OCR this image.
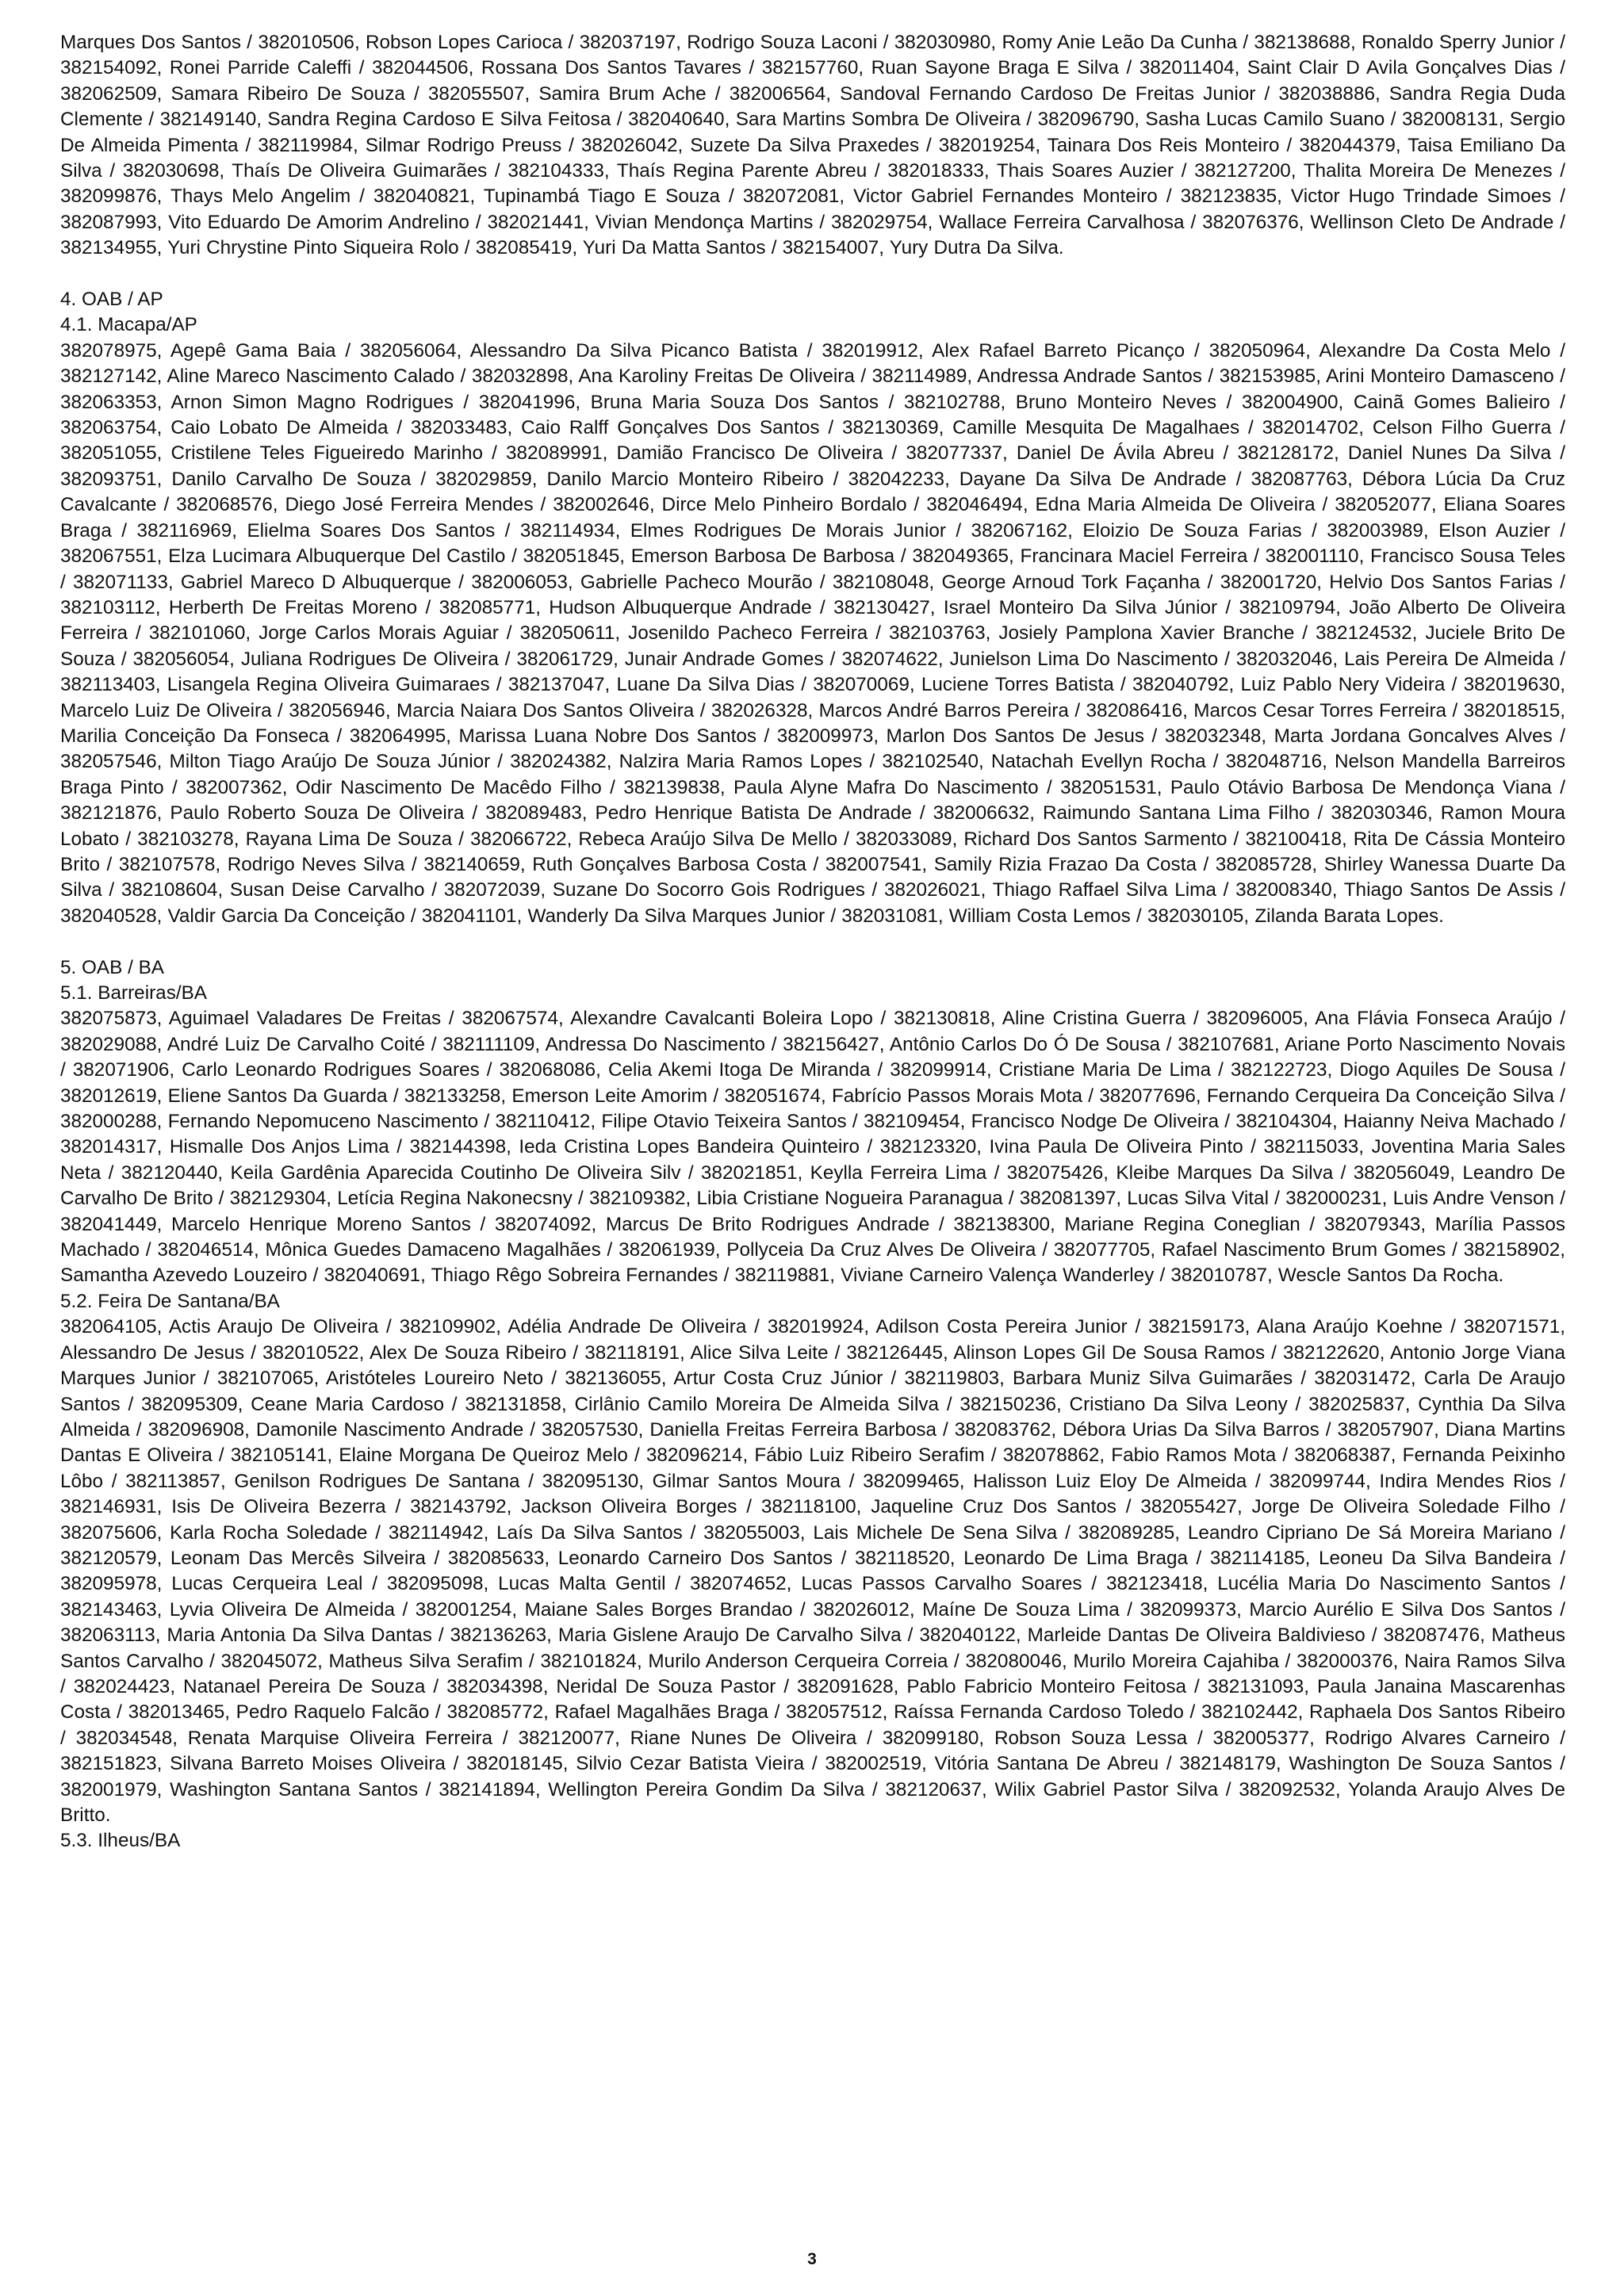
Marques Dos Santos / 382010506, Robson Lopes Carioca / 382037197, Rodrigo Souza Laconi / 382030980, Romy Anie Leão Da Cunha / 382138688, Ronaldo Sperry Junior / 382154092, Ronei Parride Caleffi / 382044506, Rossana Dos Santos Tavares / 382157760, Ruan Sayone Braga E Silva / 382011404, Saint Clair D Avila Gonçalves Dias / 382062509, Samara Ribeiro De Souza / 382055507, Samira Brum Ache / 382006564, Sandoval Fernando Cardoso De Freitas Junior / 382038886, Sandra Regia Duda Clemente / 382149140, Sandra Regina Cardoso E Silva Feitosa / 382040640, Sara Martins Sombra De Oliveira / 382096790, Sasha Lucas Camilo Suano / 382008131, Sergio De Almeida Pimenta / 382119984, Silmar Rodrigo Preuss / 382026042, Suzete Da Silva Praxedes / 382019254, Tainara Dos Reis Monteiro / 382044379, Taisa Emiliano Da Silva / 382030698, Thaís De Oliveira Guimarães / 382104333, Thaís Regina Parente Abreu / 382018333, Thais Soares Auzier / 382127200, Thalita Moreira De Menezes / 382099876, Thays Melo Angelim / 382040821, Tupinambá Tiago E Souza / 382072081, Victor Gabriel Fernandes Monteiro / 382123835, Victor Hugo Trindade Simoes / 382087993, Vito Eduardo De Amorim Andrelino / 382021441, Vivian Mendonça Martins / 382029754, Wallace Ferreira Carvalhosa / 382076376, Wellinson Cleto De Andrade / 382134955, Yuri Chrystine Pinto Siqueira Rolo / 382085419, Yuri Da Matta Santos / 382154007, Yury Dutra Da Silva.

4. OAB / AP

4.1. Macapa/AP

382078975, Agepê Gama Baia / 382056064, Alessandro Da Silva Picanco Batista / 382019912, Alex Rafael Barreto Picanço / 382050964, Alexandre Da Costa Melo / 382127142, Aline Mareco Nascimento Calado / 382032898, Ana Karoliny Freitas De Oliveira / 382114989, Andressa Andrade Santos / 382153985, Arini Monteiro Damasceno / 382063353, Arnon Simon Magno Rodrigues / 382041996, Bruna Maria Souza Dos Santos / 382102788, Bruno Monteiro Neves / 382004900, Cainã Gomes Balieiro / 382063754, Caio Lobato De Almeida / 382033483, Caio Ralff Gonçalves Dos Santos / 382130369, Camille Mesquita De Magalhaes / 382014702, Celson Filho Guerra / 382051055, Cristilene Teles Figueiredo Marinho / 382089991, Damião Francisco De Oliveira / 382077337, Daniel De Ávila Abreu / 382128172, Daniel Nunes Da Silva / 382093751, Danilo Carvalho De Souza / 382029859, Danilo Marcio Monteiro Ribeiro / 382042233, Dayane Da Silva De Andrade / 382087763, Débora Lúcia Da Cruz Cavalcante / 382068576, Diego José Ferreira Mendes / 382002646, Dirce Melo Pinheiro Bordalo / 382046494, Edna Maria Almeida De Oliveira / 382052077, Eliana Soares Braga / 382116969, Elielma Soares Dos Santos / 382114934, Elmes Rodrigues De Morais Junior / 382067162, Eloizio De Souza Farias / 382003989, Elson Auzier / 382067551, Elza Lucimara Albuquerque Del Castilo / 382051845, Emerson Barbosa De Barbosa / 382049365, Francinara Maciel Ferreira / 382001110, Francisco Sousa Teles / 382071133, Gabriel Mareco D Albuquerque / 382006053, Gabrielle Pacheco Mourão / 382108048, George Arnoud Tork Façanha / 382001720, Helvio Dos Santos Farias / 382103112, Herberth De Freitas Moreno / 382085771, Hudson Albuquerque Andrade / 382130427, Israel Monteiro Da Silva Júnior / 382109794, João Alberto De Oliveira Ferreira / 382101060, Jorge Carlos Morais Aguiar / 382050611, Josenildo Pacheco Ferreira / 382103763, Josiely Pamplona Xavier Branche / 382124532, Juciele Brito De Souza / 382056054, Juliana Rodrigues De Oliveira / 382061729, Junair Andrade Gomes / 382074622, Junielson Lima Do Nascimento / 382032046, Lais Pereira De Almeida / 382113403, Lisangela Regina Oliveira Guimaraes / 382137047, Luane Da Silva Dias / 382070069, Luciene Torres Batista / 382040792, Luiz Pablo Nery Videira / 382019630, Marcelo Luiz De Oliveira / 382056946, Marcia Naiara Dos Santos Oliveira / 382026328, Marcos André Barros Pereira / 382086416, Marcos Cesar Torres Ferreira / 382018515, Marilia Conceição Da Fonseca / 382064995, Marissa Luana Nobre Dos Santos / 382009973, Marlon Dos Santos De Jesus / 382032348, Marta Jordana Goncalves Alves / 382057546, Milton Tiago Araújo De Souza Júnior / 382024382, Nalzira Maria Ramos Lopes / 382102540, Natachah Evellyn Rocha / 382048716, Nelson Mandella Barreiros Braga Pinto / 382007362, Odir Nascimento De Macêdo Filho / 382139838, Paula Alyne Mafra Do Nascimento / 382051531, Paulo Otávio Barbosa De Mendonça Viana / 382121876, Paulo Roberto Souza De Oliveira / 382089483, Pedro Henrique Batista De Andrade / 382006632, Raimundo Santana Lima Filho / 382030346, Ramon Moura Lobato / 382103278, Rayana Lima De Souza / 382066722, Rebeca Araújo Silva De Mello / 382033089, Richard Dos Santos Sarmento / 382100418, Rita De Cássia Monteiro Brito / 382107578, Rodrigo Neves Silva / 382140659, Ruth Gonçalves Barbosa Costa / 382007541, Samily Rizia Frazao Da Costa / 382085728, Shirley Wanessa Duarte Da Silva / 382108604, Susan Deise Carvalho / 382072039, Suzane Do Socorro Gois Rodrigues / 382026021, Thiago Raffael Silva Lima / 382008340, Thiago Santos De Assis / 382040528, Valdir Garcia Da Conceição / 382041101, Wanderly Da Silva Marques Junior / 382031081, William Costa Lemos / 382030105, Zilanda Barata Lopes.

5. OAB / BA

5.1. Barreiras/BA

382075873, Aguimael Valadares De Freitas / 382067574, Alexandre Cavalcanti Boleira Lopo / 382130818, Aline Cristina Guerra / 382096005, Ana Flávia Fonseca Araújo / 382029088, André Luiz De Carvalho Coité / 382111109, Andressa Do Nascimento / 382156427, Antônio Carlos Do Ó De Sousa / 382107681, Ariane Porto Nascimento Novais / 382071906, Carlo Leonardo Rodrigues Soares / 382068086, Celia Akemi Itoga De Miranda / 382099914, Cristiane Maria De Lima / 382122723, Diogo Aquiles De Sousa / 382012619, Eliene Santos Da Guarda / 382133258, Emerson Leite Amorim / 382051674, Fabrício Passos Morais Mota / 382077696, Fernando Cerqueira Da Conceição Silva / 382000288, Fernando Nepomuceno Nascimento / 382110412, Filipe Otavio Teixeira Santos / 382109454, Francisco Nodge De Oliveira / 382104304, Haianny Neiva Machado / 382014317, Hismalle Dos Anjos Lima / 382144398, Ieda Cristina Lopes Bandeira Quinteiro / 382123320, Ivina Paula De Oliveira Pinto / 382115033, Joventina Maria Sales Neta / 382120440, Keila Gardênia Aparecida Coutinho De Oliveira Silv / 382021851, Keylla Ferreira Lima / 382075426, Kleibe Marques Da Silva / 382056049, Leandro De Carvalho De Brito / 382129304, Letícia Regina Nakonecsny / 382109382, Libia Cristiane Nogueira Paranagua / 382081397, Lucas Silva Vital / 382000231, Luis Andre Venson / 382041449, Marcelo Henrique Moreno Santos / 382074092, Marcus De Brito Rodrigues Andrade / 382138300, Mariane Regina Coneglian / 382079343, Marília Passos Machado / 382046514, Mônica Guedes Damaceno Magalhães / 382061939, Pollyceia Da Cruz Alves De Oliveira / 382077705, Rafael Nascimento Brum Gomes / 382158902, Samantha Azevedo Louzeiro / 382040691, Thiago Rêgo Sobreira Fernandes / 382119881, Viviane Carneiro Valença Wanderley / 382010787, Wescle Santos Da Rocha.

5.2. Feira De Santana/BA

382064105, Actis Araujo De Oliveira / 382109902, Adélia Andrade De Oliveira / 382019924, Adilson Costa Pereira Junior / 382159173, Alana Araújo Koehne / 382071571, Alessandro De Jesus / 382010522, Alex De Souza Ribeiro / 382118191, Alice Silva Leite / 382126445, Alinson Lopes Gil De Sousa Ramos / 382122620, Antonio Jorge Viana Marques Junior / 382107065, Aristóteles Loureiro Neto / 382136055, Artur Costa Cruz Júnior / 382119803, Barbara Muniz Silva Guimarães / 382031472, Carla De Araujo Santos / 382095309, Ceane Maria Cardoso / 382131858, Cirlânio Camilo Moreira De Almeida Silva / 382150236, Cristiano Da Silva Leony / 382025837, Cynthia Da Silva Almeida / 382096908, Damonile Nascimento Andrade / 382057530, Daniella Freitas Ferreira Barbosa / 382083762, Débora Urias Da Silva Barros / 382057907, Diana Martins Dantas E Oliveira / 382105141, Elaine Morgana De Queiroz Melo / 382096214, Fábio Luiz Ribeiro Serafim / 382078862, Fabio Ramos Mota / 382068387, Fernanda Peixinho Lôbo / 382113857, Genilson Rodrigues De Santana / 382095130, Gilmar Santos Moura / 382099465, Halisson Luiz Eloy De Almeida / 382099744, Indira Mendes Rios / 382146931, Isis De Oliveira Bezerra / 382143792, Jackson Oliveira Borges / 382118100, Jaqueline Cruz Dos Santos / 382055427, Jorge De Oliveira Soledade Filho / 382075606, Karla Rocha Soledade / 382114942, Laís Da Silva Santos / 382055003, Lais Michele De Sena Silva / 382089285, Leandro Cipriano De Sá Moreira Mariano / 382120579, Leonam Das Mercês Silveira / 382085633, Leonardo Carneiro Dos Santos / 382118520, Leonardo De Lima Braga / 382114185, Leoneu Da Silva Bandeira / 382095978, Lucas Cerqueira Leal / 382095098, Lucas Malta Gentil / 382074652, Lucas Passos Carvalho Soares / 382123418, Lucélia Maria Do Nascimento Santos / 382143463, Lyvia Oliveira De Almeida / 382001254, Maiane Sales Borges Brandao / 382026012, Maíne De Souza Lima / 382099373, Marcio Aurélio E Silva Dos Santos / 382063113, Maria Antonia Da Silva Dantas / 382136263, Maria Gislene Araujo De Carvalho Silva / 382040122, Marleide Dantas De Oliveira Baldivieso / 382087476, Matheus Santos Carvalho / 382045072, Matheus Silva Serafim / 382101824, Murilo Anderson Cerqueira Correia / 382080046, Murilo Moreira Cajahiba / 382000376, Naira Ramos Silva / 382024423, Natanael Pereira De Souza / 382034398, Neridal De Souza Pastor / 382091628, Pablo Fabricio Monteiro Feitosa / 382131093, Paula Janaina Mascarenhas Costa / 382013465, Pedro Raquelo Falcão / 382085772, Rafael Magalhães Braga / 382057512, Raíssa Fernanda Cardoso Toledo / 382102442, Raphaela Dos Santos Ribeiro / 382034548, Renata Marquise Oliveira Ferreira / 382120077, Riane Nunes De Oliveira / 382099180, Robson Souza Lessa / 382005377, Rodrigo Alvares Carneiro / 382151823, Silvana Barreto Moises Oliveira / 382018145, Silvio Cezar Batista Vieira / 382002519, Vitória Santana De Abreu / 382148179, Washington De Souza Santos / 382001979, Washington Santana Santos / 382141894, Wellington Pereira Gondim Da Silva / 382120637, Wilix Gabriel Pastor Silva / 382092532, Yolanda Araujo Alves De Britto.

5.3. Ilheus/BA

3
